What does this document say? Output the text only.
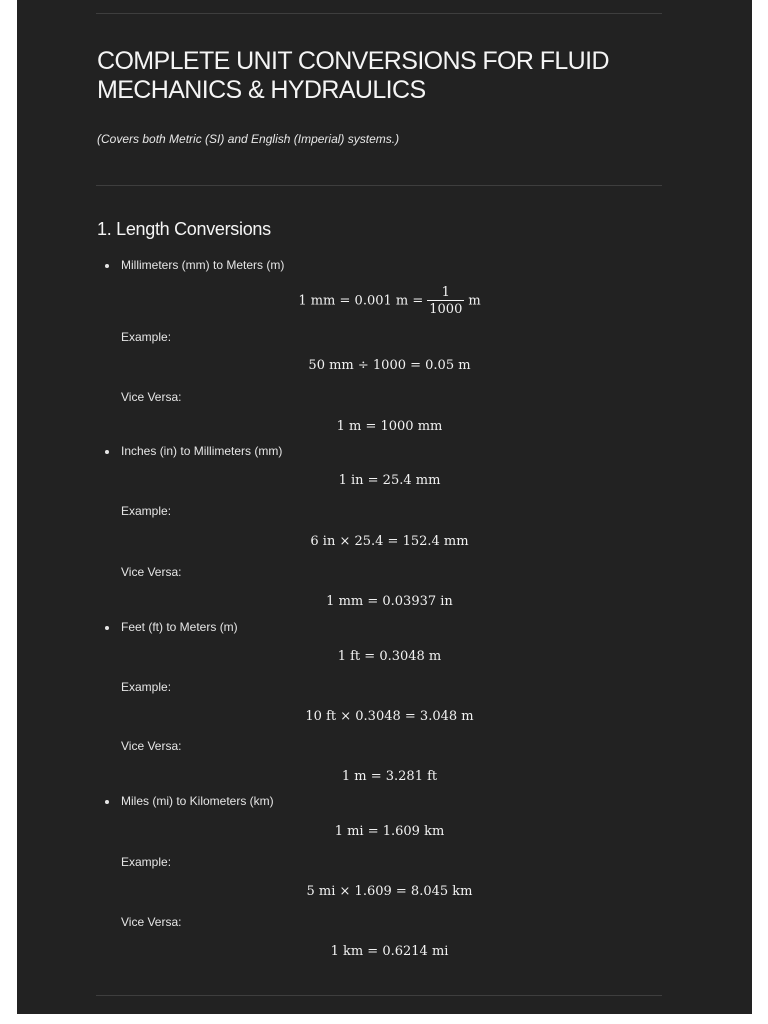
COMPLETE UNIT CONVERSIONS FOR FLUID MECHANICS & HYDRAULICS

(Covers both Metric (SI) and English (Imperial) systems.)

1. Length Conversions
Millimeters (mm) to Meters (m)
1 mm = 0.001 $m = \frac{1}{1000}$ m
Example:
50 mm ÷ 1000 = 0.05 m
Vice Versa:
1 m = 1000 mm
Inches (in) to Millimeters (mm)
1 in = 25.4 mm
Example:
6 in × 25.4 = 152.4 mm
Vice Versa:
1 mm = 0.03937 in
Feet (ft) to Meters (m)
1 ft = 0.3048 m
Example:
10 ft × 0.3048 = 3.048 m
Vice Versa:
1 m = 3.281 ft
Miles (mi) to Kilometers (km)
1 mi = 1.609 km
Example:
5 mi × 1.609 = 8.045 km
Vice Versa:
1 km = 0.6214 mi
